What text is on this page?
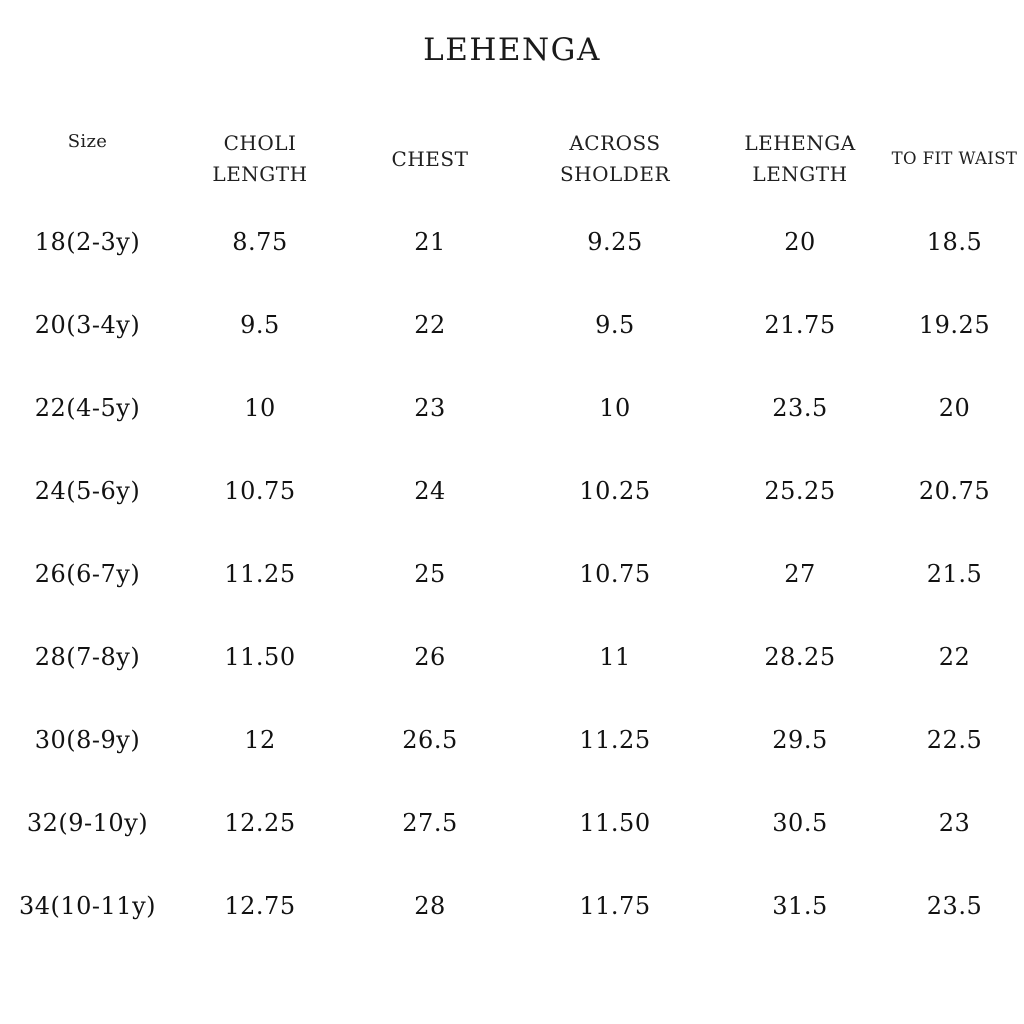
LEHENGA
Size	CHOLI LENGTH	CHEST	ACROSS SHOLDER	LEHENGA LENGTH	TO FIT WAIST
18(2-3y)	8.75	21	9.25	20	18.5
20(3-4y)	9.5	22	9.5	21.75	19.25
22(4-5y)	10	23	10	23.5	20
24(5-6y)	10.75	24	10.25	25.25	20.75
26(6-7y)	11.25	25	10.75	27	21.5
28(7-8y)	11.50	26	11	28.25	22
30(8-9y)	12	26.5	11.25	29.5	22.5
32(9-10y)	12.25	27.5	11.50	30.5	23
34(10-11y)	12.75	28	11.75	31.5	23.5
